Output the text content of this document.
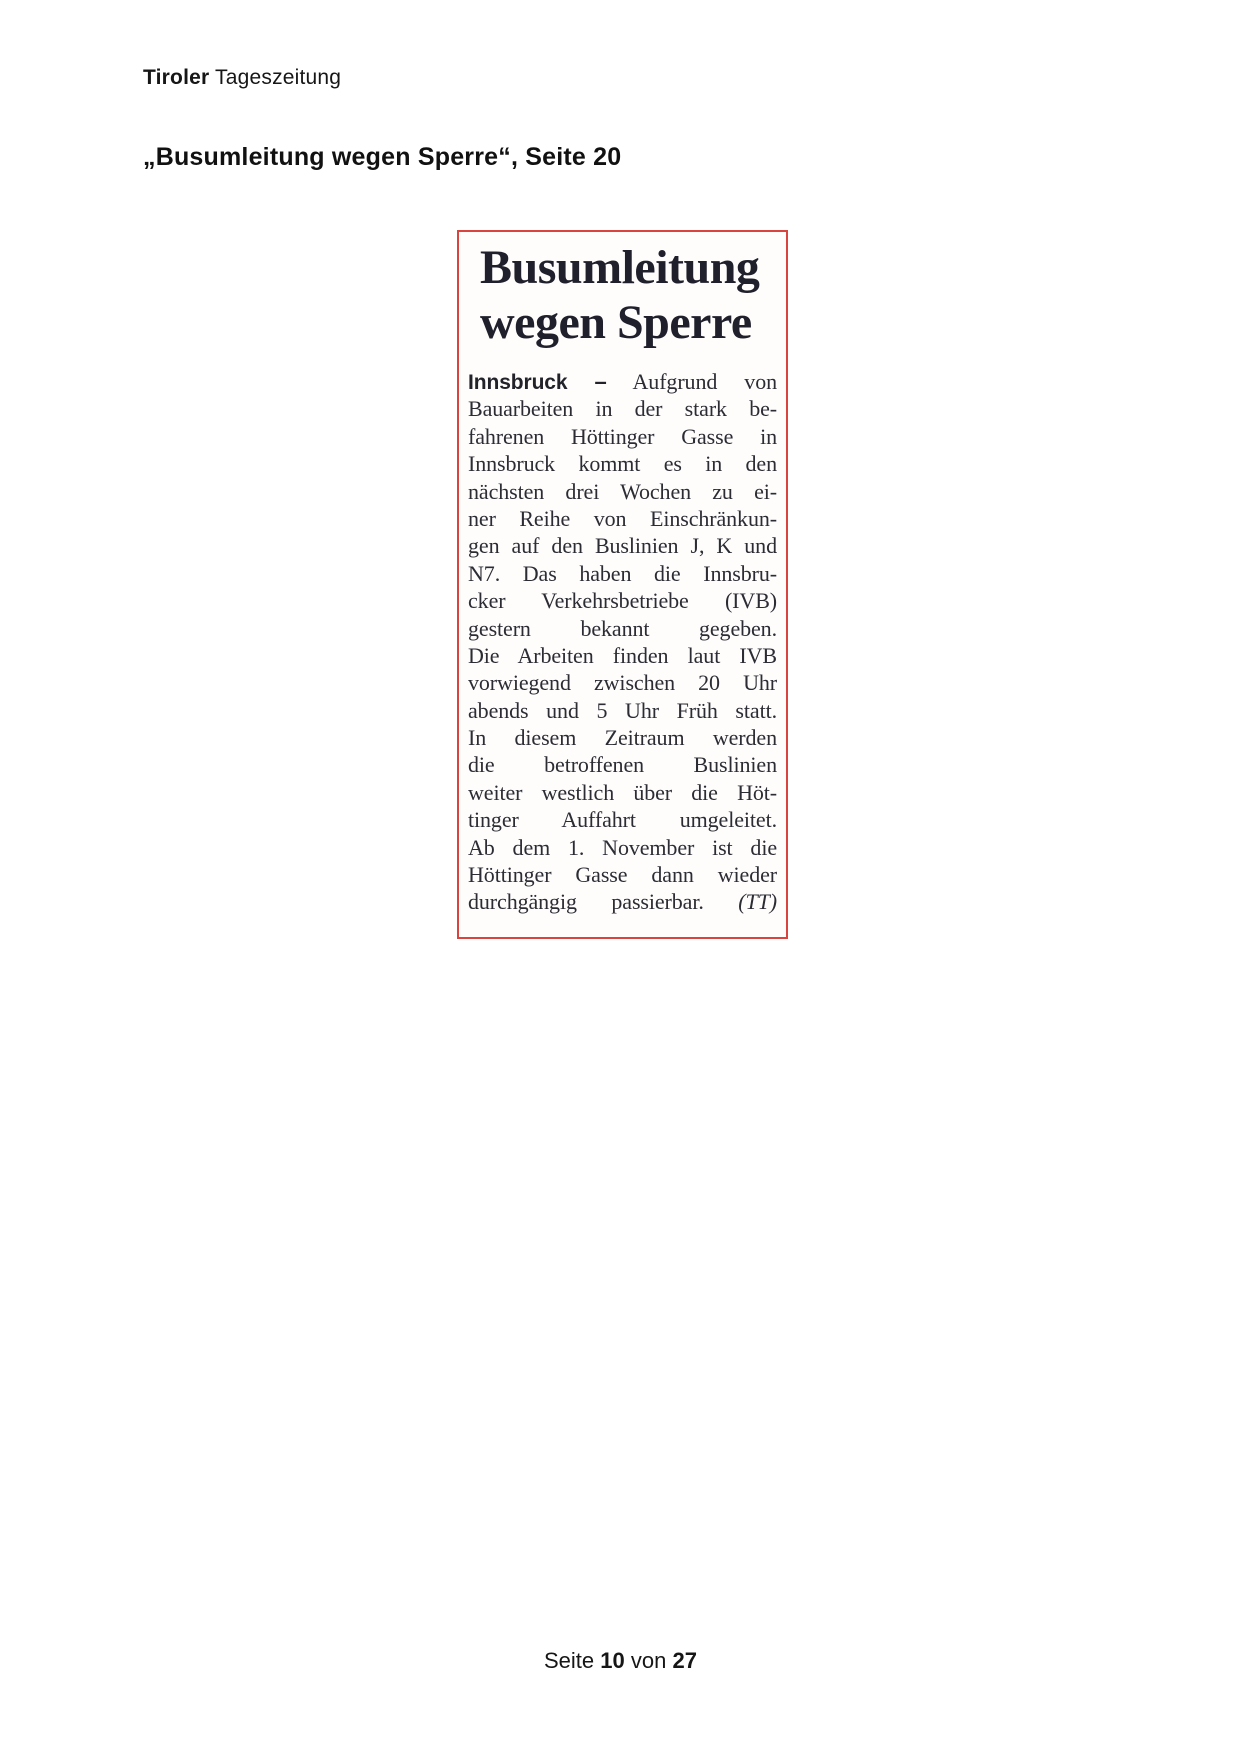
Tiroler Tageszeitung
„Busumleitung wegen Sperre“, Seite 20
Busumleitung
wegen Sperre
Innsbruck – Aufgrund von
Bauarbeiten in der stark be-
fahrenen Höttinger Gasse in
Innsbruck kommt es in den
nächsten drei Wochen zu ei-
ner Reihe von Einschränkun-
gen auf den Buslinien J, K und
N7. Das haben die Innsbru-
cker Verkehrsbetriebe (IVB)
gestern bekannt gegeben.
Die Arbeiten finden laut IVB
vorwiegend zwischen 20 Uhr
abends und 5 Uhr Früh statt.
In diesem Zeitraum werden
die betroffenen Buslinien
weiter westlich über die Höt-
tinger Auffahrt umgeleitet.
Ab dem 1. November ist die
Höttinger Gasse dann wieder
durchgängig passierbar. (TT)
Seite 10 von 27
